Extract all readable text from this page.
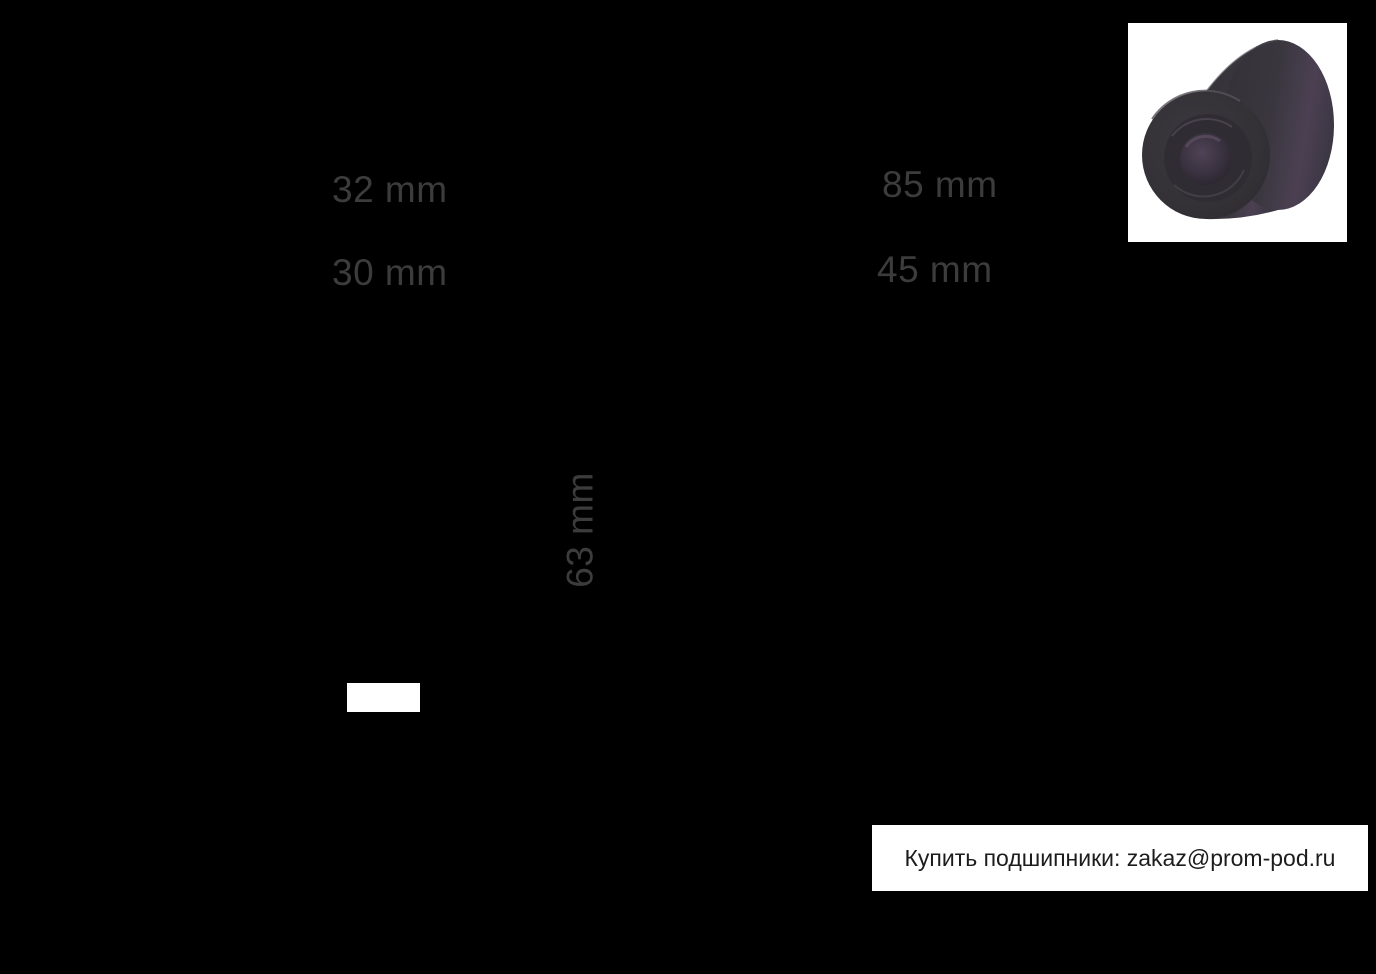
32 mm
30 mm
85 mm
45 mm
63 mm
Купить подшипники: zakaz@prom-pod.ru
